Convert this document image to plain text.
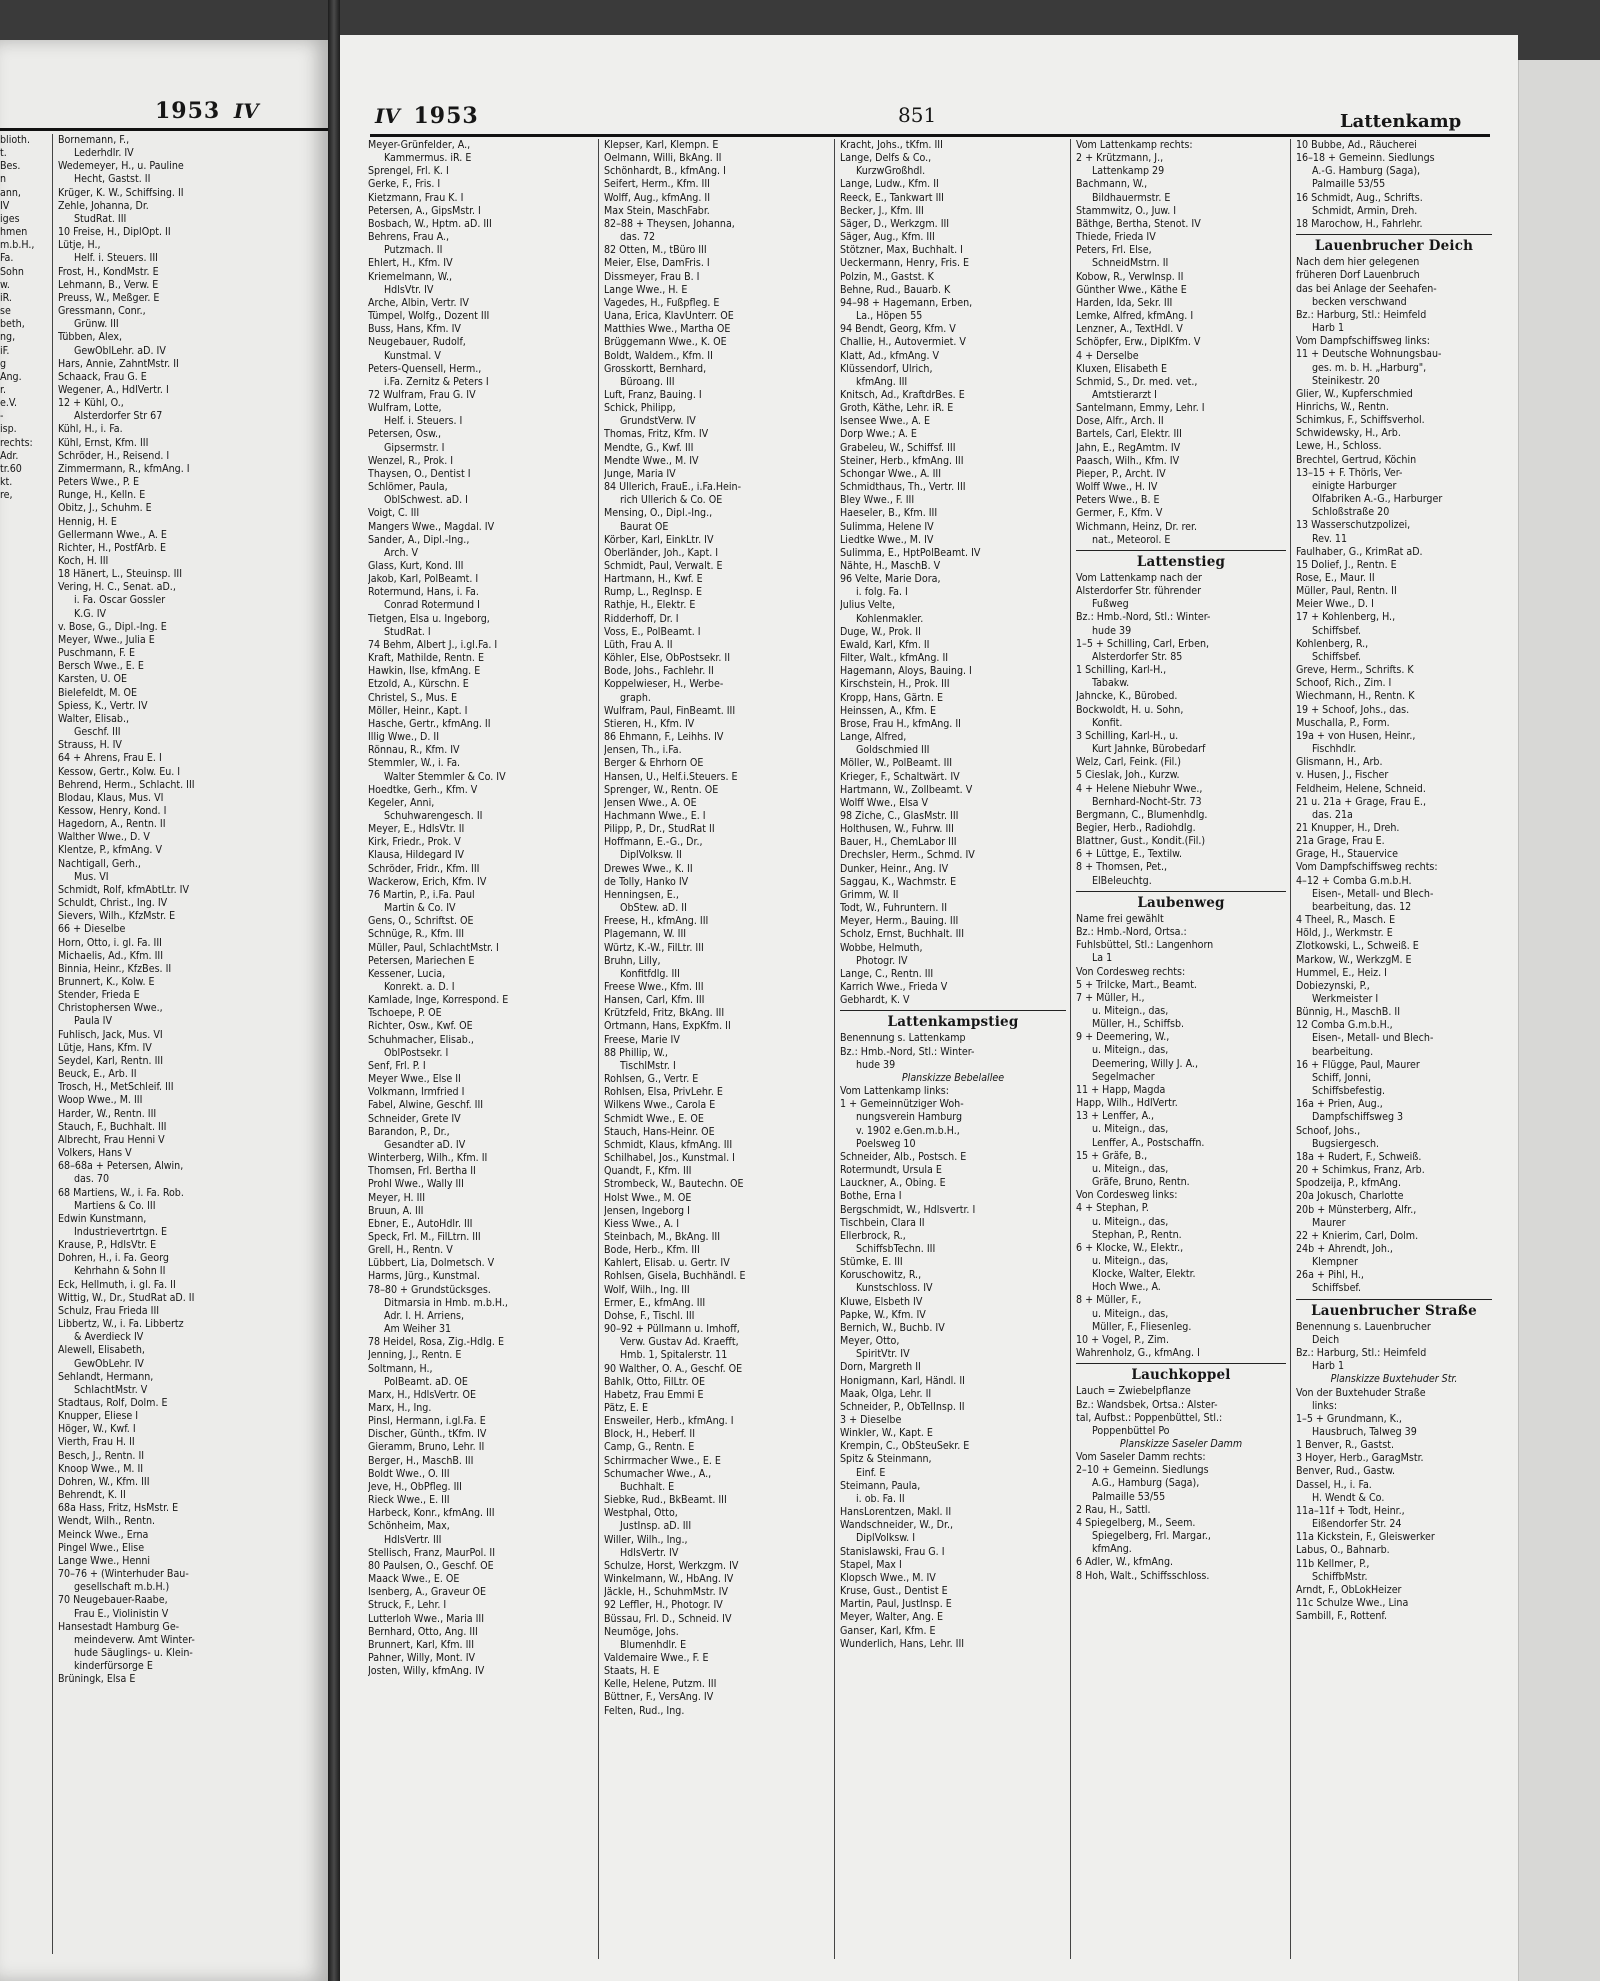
1953 IV
blioth.
t.
Bes.
n
ann,
IV
iges
hmen
m.b.H.,
Fa.
Sohn
w.
iR.
se
beth,
ng,
iF.
g
Ang.
r.
e.V.
-
isp.
rechts:
Adr.
tr.60
kt.
re,
Bornemann, F.,
Lederhdlr. IV
Wedemeyer, H., u. Pauline
Hecht, Gastst. II
Krüger, K. W., Schiffsing. II
Zehle, Johanna, Dr.
StudRat. III
10 Freise, H., DiplOpt. II
Lütje, H.,
Helf. i. Steuers. III
Frost, H., KondMstr. E
Lehmann, B., Verw. E
Preuss, W., Meßger. E
Gressmann, Conr.,
Grünw. III
Tübben, Alex,
GewOblLehr. aD. IV
Hars, Annie, ZahntMstr. II
Schaack, Frau G. E
Wegener, A., HdlVertr. I
12 + Kühl, O.,
Alsterdorfer Str 67
Kühl, H., i. Fa.
Kühl, Ernst, Kfm. III
Schröder, H., Reisend. I
Zimmermann, R., kfmAng. I
Peters Wwe., P. E
Runge, H., Kelln. E
Obitz, J., Schuhm. E
Hennig, H. E
Gellermann Wwe., A. E
Richter, H., PostfArb. E
Koch, H. III
18 Hänert, L., Steuinsp. III
Vering, H. C., Senat. aD.,
i. Fa. Oscar Gossler
K.G. IV
v. Bose, G., Dipl.-Ing. E
Meyer, Wwe., Julia E
Puschmann, F. E
Bersch Wwe., E. E
Karsten, U. OE
Bielefeldt, M. OE
Spiess, K., Vertr. IV
Walter, Elisab.,
Geschf. III
Strauss, H. IV
64 + Ahrens, Frau E. I
Kessow, Gertr., Kolw. Eu. I
Behrend, Herm., Schlacht. III
Blodau, Klaus, Mus. VI
Kessow, Henry, Kond. I
Hagedorn, A., Rentn. II
Walther Wwe., D. V
Klentze, P., kfmAng. V
Nachtigall, Gerh.,
Mus. VI
Schmidt, Rolf, kfmAbtLtr. IV
Schuldt, Christ., Ing. IV
Sievers, Wilh., KfzMstr. E
66 + Dieselbe
Horn, Otto, i. gl. Fa. III
Michaelis, Ad., Kfm. III
Binnia, Heinr., KfzBes. II
Brunnert, K., Kolw. E
Stender, Frieda E
Christophersen Wwe.,
Paula IV
Fuhlisch, Jack, Mus. VI
Lütje, Hans, Kfm. IV
Seydel, Karl, Rentn. III
Beuck, E., Arb. II
Trosch, H., MetSchleif. III
Woop Wwe., M. III
Harder, W., Rentn. III
Stauch, F., Buchhalt. III
Albrecht, Frau Henni V
Volkers, Hans V
68–68a + Petersen, Alwin,
das. 70
68 Martiens, W., i. Fa. Rob.
Martiens & Co. III
Edwin Kunstmann,
Industrievertrtgn. E
Krause, P., HdlsVtr. E
Dohren, H., i. Fa. Georg
Kehrhahn & Sohn II
Eck, Hellmuth, i. gl. Fa. II
Wittig, W., Dr., StudRat aD. II
Schulz, Frau Frieda III
Libbertz, W., i. Fa. Libbertz
& Averdieck IV
Alewell, Elisabeth,
GewObLehr. IV
Sehlandt, Hermann,
SchlachtMstr. V
Stadtaus, Rolf, Dolm. E
Knupper, Eliese I
Höger, W., Kwf. I
Vierth, Frau H. II
Besch, J., Rentn. II
Knoop Wwe., M. II
Dohren, W., Kfm. III
Behrendt, K. II
68a Hass, Fritz, HsMstr. E
Wendt, Wilh., Rentn.
Meinck Wwe., Erna
Pingel Wwe., Elise
Lange Wwe., Henni
70–76 + (Winterhuder Bau-
gesellschaft m.b.H.)
70 Neugebauer-Raabe,
Frau E., Violinistin V
Hansestadt Hamburg Ge-
meindeverw. Amt Winter-
hude Säuglings- u. Klein-
kinderfürsorge E
Brüningk, Elsa E
IV 1953	851	Lattenkamp
Meyer-Grünfelder, A.,
Kammermus. iR. E
Sprengel, Frl. K. I
Gerke, F., Fris. I
Kietzmann, Frau K. I
Petersen, A., GipsMstr. I
Bosbach, W., Hptm. aD. III
Behrens, Frau A.,
Putzmach. II
Ehlert, H., Kfm. IV
Kriemelmann, W.,
HdlsVtr. IV
Arche, Albin, Vertr. IV
Tümpel, Wolfg., Dozent III
Buss, Hans, Kfm. IV
Neugebauer, Rudolf,
Kunstmal. V
Peters-Quensell, Herm.,
i.Fa. Zernitz & Peters I
72 Wulfram, Frau G. IV
Wulfram, Lotte,
Helf. i. Steuers. I
Petersen, Osw.,
Gipsermstr. I
Wenzel, R., Prok. I
Thaysen, O., Dentist I
Schlömer, Paula,
OblSchwest. aD. I
Voigt, C. III
Mangers Wwe., Magdal. IV
Sander, A., Dipl.-Ing.,
Arch. V
Glass, Kurt, Kond. III
Jakob, Karl, PolBeamt. I
Rotermund, Hans, i. Fa.
Conrad Rotermund I
Tietgen, Elsa u. Ingeborg,
StudRat. I
74 Behm, Albert J., i.gl.Fa. I
Kraft, Mathilde, Rentn. E
Hawkin, Ilse, kfmAng. E
Etzold, A., Kürschn. E
Christel, S., Mus. E
Möller, Heinr., Kapt. I
Hasche, Gertr., kfmAng. II
Illig Wwe., D. II
Rönnau, R., Kfm. IV
Stemmler, W., i. Fa.
Walter Stemmler & Co. IV
Hoedtke, Gerh., Kfm. V
Kegeler, Anni,
Schuhwarengesch. II
Meyer, E., HdlsVtr. II
Kirk, Friedr., Prok. V
Klausa, Hildegard IV
Schröder, Fridr., Kfm. III
Wackerow, Erich, Kfm. IV
76 Martin, P., i.Fa. Paul
Martin & Co. IV
Gens, O., Schriftst. OE
Schnüge, R., Kfm. III
Müller, Paul, SchlachtMstr. I
Petersen, Mariechen E
Kessener, Lucia,
Konrekt. a. D. I
Kamlade, Inge, Korrespond. E
Tschoepe, P. OE
Richter, Osw., Kwf. OE
Schuhmacher, Elisab.,
OblPostsekr. I
Senf, Frl. P. I
Meyer Wwe., Else II
Volkmann, Irmfried I
Fabel, Alwine, Geschf. III
Schneider, Grete IV
Barandon, P., Dr.,
Gesandter aD. IV
Winterberg, Wilh., Kfm. II
Thomsen, Frl. Bertha II
Prohl Wwe., Wally III
Meyer, H. III
Bruun, A. III
Ebner, E., AutoHdlr. III
Speck, Frl. M., FilLtrn. III
Grell, H., Rentn. V
Lübbert, Lia, Dolmetsch. V
Harms, Jürg., Kunstmal.
78–80 + Grundstücksges.
Ditmarsia in Hmb. m.b.H.,
Adr. I. H. Arriens,
Am Weiher 31
78 Heidel, Rosa, Zig.-Hdlg. E
Jenning, J., Rentn. E
Soltmann, H.,
PolBeamt. aD. OE
Marx, H., HdlsVertr. OE
Marx, H., Ing.
Pinsl, Hermann, i.gl.Fa. E
Discher, Günth., tKfm. IV
Gieramm, Bruno, Lehr. II
Berger, H., MaschB. III
Boldt Wwe., O. III
Jeve, H., ObPfleg. III
Rieck Wwe., E. III
Harbeck, Konr., kfmAng. III
Schönheim, Max,
HdlsVertr. III
Stellisch, Franz, MaurPol. II
80 Paulsen, O., Geschf. OE
Maack Wwe., E. OE
Isenberg, A., Graveur OE
Struck, F., Lehr. I
Lutterloh Wwe., Maria III
Bernhard, Otto, Ang. III
Brunnert, Karl, Kfm. III
Pahner, Willy, Mont. IV
Josten, Willy, kfmAng. IV
Klepser, Karl, Klempn. E
Oelmann, Willi, BkAng. II
Schönhardt, B., kfmAng. I
Seifert, Herm., Kfm. III
Wolff, Aug., kfmAng. II
Max Stein, MaschFabr.
82–88 + Theysen, Johanna,
das. 72
82 Otten, M., tBüro III
Meier, Else, DamFris. I
Dissmeyer, Frau B. I
Lange Wwe., H. E
Vagedes, H., Fußpfleg. E
Uana, Erica, KlavUnterr. OE
Matthies Wwe., Martha OE
Brüggemann Wwe., K. OE
Boldt, Waldem., Kfm. II
Grosskortt, Bernhard,
Büroang. III
Luft, Franz, Bauing. I
Schick, Philipp,
GrundstVerw. IV
Thomas, Fritz, Kfm. IV
Mendte, G., Kwf. III
Mendte Wwe., M. IV
Junge, Maria IV
84 Ullerich, FrauE., i.Fa.Hein-
rich Ullerich & Co. OE
Mensing, O., Dipl.-Ing.,
Baurat OE
Körber, Karl, EinkLtr. IV
Oberländer, Joh., Kapt. I
Schmidt, Paul, Verwalt. E
Hartmann, H., Kwf. E
Rump, L., RegInsp. E
Rathje, H., Elektr. E
Ridderhoff, Dr. I
Voss, E., PolBeamt. I
Lüth, Frau A. II
Köhler, Else, ObPostsekr. II
Bode, Johs., Fachlehr. II
Koppelwieser, H., Werbe-
graph.
Wulfram, Paul, FinBeamt. III
Stieren, H., Kfm. IV
86 Ehmann, F., Leihhs. IV
Jensen, Th., i.Fa.
Berger & Ehrhorn OE
Hansen, U., Helf.i.Steuers. E
Sprenger, W., Rentn. OE
Jensen Wwe., A. OE
Hachmann Wwe., E. I
Pilipp, P., Dr., StudRat II
Hoffmann, E.-G., Dr.,
DiplVolksw. II
Drewes Wwe., K. II
de Tolly, Hanko IV
Henningsen, E.,
ObStew. aD. II
Freese, H., kfmAng. III
Plagemann, W. III
Würtz, K.-W., FilLtr. III
Bruhn, Lilly,
Konfitfdlg. III
Freese Wwe., Kfm. III
Hansen, Carl, Kfm. III
Krützfeld, Fritz, BkAng. III
Ortmann, Hans, ExpKfm. II
Freese, Marie IV
88 Phillip, W.,
TischlMstr. I
Rohlsen, G., Vertr. E
Rohlsen, Elsa, PrivLehr. E
Wilkens Wwe., Carola E
Schmidt Wwe., E. OE
Stauch, Hans-Heinr. OE
Schmidt, Klaus, kfmAng. III
Schilhabel, Jos., Kunstmal. I
Quandt, F., Kfm. III
Strombeck, W., Bautechn. OE
Holst Wwe., M. OE
Jensen, Ingeborg I
Kiess Wwe., A. I
Steinbach, M., BkAng. III
Bode, Herb., Kfm. III
Kahlert, Elisab. u. Gertr. IV
Rohlsen, Gisela, Buchhändl. E
Wolf, Wilh., Ing. III
Ermer, E., kfmAng. III
Dohse, F., Tischl. III
90–92 + Püllmann u. Imhoff,
Verw. Gustav Ad. Kraefft,
Hmb. 1, Spitalerstr. 11
90 Walther, O. A., Geschf. OE
Bahlk, Otto, FilLtr. OE
Habetz, Frau Emmi E
Pätz, E. E
Ensweiler, Herb., kfmAng. I
Block, H., Heberf. II
Camp, G., Rentn. E
Schirrmacher Wwe., E. E
Schumacher Wwe., A.,
Buchhalt. E
Siebke, Rud., BkBeamt. III
Westphal, Otto,
JustInsp. aD. III
Willer, Wilh., Ing.,
HdlsVertr. IV
Schulze, Horst, Werkzgm. IV
Winkelmann, W., HbAng. IV
Jäckle, H., SchuhmMstr. IV
92 Leffler, H., Photogr. IV
Büssau, Frl. D., Schneid. IV
Neumöge, Johs.
Blumenhdlr. E
Valdemaire Wwe., F. E
Staats, H. E
Kelle, Helene, Putzm. III
Büttner, F., VersAng. IV
Felten, Rud., Ing.
Kracht, Johs., tKfm. III
Lange, Delfs & Co.,
KurzwGroßhdl.
Lange, Ludw., Kfm. II
Reeck, E., Tankwart III
Becker, J., Kfm. III
Säger, D., Werkzgm. III
Säger, Aug., Kfm. III
Stötzner, Max, Buchhalt. I
Ueckermann, Henry, Fris. E
Polzin, M., Gastst. K
Behne, Rud., Bauarb. K
94–98 + Hagemann, Erben,
La., Höpen 55
94 Bendt, Georg, Kfm. V
Challie, H., Autovermiet. V
Klatt, Ad., kfmAng. V
Klüssendorf, Ulrich,
kfmAng. III
Knitsch, Ad., KraftdrBes. E
Groth, Käthe, Lehr. iR. E
Isensee Wwe., A. E
Dorp Wwe.; A. E
Grabeleu, W., Schiffsf. III
Steiner, Herb., kfmAng. III
Schongar Wwe., A. III
Schmidthaus, Th., Vertr. III
Bley Wwe., F. III
Haeseler, B., Kfm. III
Sulimma, Helene IV
Liedtke Wwe., M. IV
Sulimma, E., HptPolBeamt. IV
Nähte, H., MaschB. V
96 Velte, Marie Dora,
i. folg. Fa. I
Julius Velte,
Kohlenmakler.
Duge, W., Prok. II
Ewald, Karl, Kfm. II
Filter, Walt., kfmAng. II
Hagemann, Aloys, Bauing. I
Kirschstein, H., Prok. III
Kropp, Hans, Gärtn. E
Heinssen, A., Kfm. E
Brose, Frau H., kfmAng. II
Lange, Alfred,
Goldschmied III
Möller, W., PolBeamt. III
Krieger, F., Schaltwärt. IV
Hartmann, W., Zollbeamt. V
Wolff Wwe., Elsa V
98 Ziche, C., GlasMstr. III
Holthusen, W., Fuhrw. III
Bauer, H., ChemLabor III
Drechsler, Herm., Schmd. IV
Dunker, Heinr., Ang. IV
Saggau, K., Wachmstr. E
Grimm, W. II
Todt, W., Fuhruntern. II
Meyer, Herm., Bauing. III
Scholz, Ernst, Buchhalt. III
Wobbe, Helmuth,
Photogr. IV
Lange, C., Rentn. III
Karrich Wwe., Frieda V
Gebhardt, K. V
Lattenkampstieg
Benennung s. Lattenkamp
Bz.: Hmb.-Nord, Stl.: Winter-
hude 39
Planskizze Bebelallee
Vom Lattenkamp links:
1 + Gemeinnütziger Woh-
nungsverein Hamburg
v. 1902 e.Gen.m.b.H.,
Poelsweg 10
Schneider, Alb., Postsch. E
Rotermundt, Ursula E
Lauckner, A., Obing. E
Bothe, Erna I
Bergschmidt, W., Hdlsvertr. I
Tischbein, Clara II
Ellerbrock, R.,
SchiffsbTechn. III
Stümke, E. III
Koruschowitz, R.,
Kunstschloss. IV
Kluwe, Elsbeth IV
Papke, W., Kfm. IV
Bernich, W., Buchb. IV
Meyer, Otto,
SpiritVtr. IV
Dorn, Margreth II
Honigmann, Karl, Händl. II
Maak, Olga, Lehr. II
Schneider, P., ObTelInsp. II
3 + Dieselbe
Winkler, W., Kapt. E
Krempin, C., ObSteuSekr. E
Spitz & Steinmann,
Einf. E
Steimann, Paula,
i. ob. Fa. II
HansLorentzen, Makl. II
Wandschneider, W., Dr.,
DiplVolksw. I
Stanislawski, Frau G. I
Stapel, Max I
Klopsch Wwe., M. IV
Kruse, Gust., Dentist E
Martin, Paul, JustInsp. E
Meyer, Walter, Ang. E
Ganser, Karl, Kfm. E
Wunderlich, Hans, Lehr. III
Vom Lattenkamp rechts:
2 + Krützmann, J.,
Lattenkamp 29
Bachmann, W.,
Bildhauermstr. E
Stammwitz, O., Juw. I
Bäthge, Bertha, Stenot. IV
Thiede, Frieda IV
Peters, Frl. Else,
SchneidMstrn. II
Kobow, R., VerwInsp. II
Günther Wwe., Käthe E
Harden, Ida, Sekr. III
Lemke, Alfred, kfmAng. I
Lenzner, A., TextHdl. V
Schöpfer, Erw., DiplKfm. V
4 + Derselbe
Kluxen, Elisabeth E
Schmid, S., Dr. med. vet.,
Amtstierarzt I
Santelmann, Emmy, Lehr. I
Dose, Alfr., Arch. II
Bartels, Carl, Elektr. III
Jahn, E., RegAmtm. IV
Paasch, Wilh., Kfm. IV
Pieper, P., Archt. IV
Wolff Wwe., H. IV
Peters Wwe., B. E
Germer, F., Kfm. V
Wichmann, Heinz, Dr. rer.
nat., Meteorol. E
Lattenstieg
Vom Lattenkamp nach der
Alsterdorfer Str. führender
Fußweg
Bz.: Hmb.-Nord, Stl.: Winter-
hude 39
1–5 + Schilling, Carl, Erben,
Alsterdorfer Str. 85
1 Schilling, Karl-H.,
Tabakw.
Jahncke, K., Bürobed.
Bockwoldt, H. u. Sohn,
Konfit.
3 Schilling, Karl-H., u.
Kurt Jahnke, Bürobedarf
Welz, Carl, Feink. (Fil.)
5 Cieslak, Joh., Kurzw.
4 + Helene Niebuhr Wwe.,
Bernhard-Nocht-Str. 73
Bergmann, C., Blumenhdlg.
Begier, Herb., Radiohdlg.
Blattner, Gust., Kondit.(Fil.)
6 + Lüttge, E., Textilw.
8 + Thomsen, Pet.,
ElBeleuchtg.
Laubenweg
Name frei gewählt
Bz.: Hmb.-Nord, Ortsa.:
Fuhlsbüttel, Stl.: Langenhorn
La 1
Von Cordesweg rechts:
5 + Trilcke, Mart., Beamt.
7 + Müller, H.,
u. Miteign., das,
Müller, H., Schiffsb.
9 + Deemering, W.,
u. Miteign., das,
Deemering, Willy J. A.,
Segelmacher
11 + Happ, Magda
Happ, Wilh., HdlVertr.
13 + Lenffer, A.,
u. Miteign., das,
Lenffer, A., Postschaffn.
15 + Gräfe, B.,
u. Miteign., das,
Gräfe, Bruno, Rentn.
Von Cordesweg links:
4 + Stephan, P.
u. Miteign., das,
Stephan, P., Rentn.
6 + Klocke, W., Elektr.,
u. Miteign., das,
Klocke, Walter, Elektr.
Hoch Wwe., A.
8 + Müller, F.,
u. Miteign., das,
Müller, F., Fliesenleg.
10 + Vogel, P., Zim.
Wahrenholz, G., kfmAng. I
Lauchkoppel
Lauch = Zwiebelpflanze
Bz.: Wandsbek, Ortsa.: Alster-
tal, Aufbst.: Poppenbüttel, Stl.:
Poppenbüttel Po
Planskizze Saseler Damm
Vom Saseler Damm rechts:
2–10 + Gemeinn. Siedlungs
A.G., Hamburg (Saga),
Palmaille 53/55
2 Rau, H., Sattl.
4 Spiegelberg, M., Seem.
Spiegelberg, Frl. Margar.,
kfmAng.
6 Adler, W., kfmAng.
8 Hoh, Walt., Schiffsschloss.
10 Bubbe, Ad., Räucherei
16–18 + Gemeinn. Siedlungs
A.-G. Hamburg (Saga),
Palmaille 53/55
16 Schmidt, Aug., Schrifts.
Schmidt, Armin, Dreh.
18 Marochow, H., Fahrlehr.
Lauenbrucher Deich
Nach dem hier gelegenen
früheren Dorf Lauenbruch
das bei Anlage der Seehafen-
becken verschwand
Bz.: Harburg, Stl.: Heimfeld
Harb 1
Vom Dampfschiffsweg links:
11 + Deutsche Wohnungsbau-
ges. m. b. H. „Harburg",
Steinikestr. 20
Glier, W., Kupferschmied
Hinrichs, W., Rentn.
Schimkus, F., Schiffsverhol.
Schwidewsky, H., Arb.
Lewe, H., Schloss.
Brechtel, Gertrud, Köchin
13–15 + F. Thörls, Ver-
einigte Harburger
Ölfabriken A.-G., Harburger
Schloßstraße 20
13 Wasserschutzpolizei,
Rev. 11
Faulhaber, G., KrimRat aD.
15 Dolief, J., Rentn. E
Rose, E., Maur. II
Müller, Paul, Rentn. II
Meier Wwe., D. I
17 + Kohlenberg, H.,
Schiffsbef.
Kohlenberg, R.,
Schiffsbef.
Greve, Herm., Schrifts. K
Schoof, Rich., Zim. I
Wiechmann, H., Rentn. K
19 + Schoof, Johs., das.
Muschalla, P., Form.
19a + von Husen, Heinr.,
Fischhdlr.
Glismann, H., Arb.
v. Husen, J., Fischer
Feldheim, Helene, Schneid.
21 u. 21a + Grage, Frau E.,
das. 21a
21 Knupper, H., Dreh.
21a Grage, Frau E.
Grage, H., Stauervice
Vom Dampfschiffsweg rechts:
4–12 + Comba G.m.b.H.
Eisen-, Metall- und Blech-
bearbeitung, das. 12
4 Theel, R., Masch. E
Höld, J., Werkmstr. E
Zlotkowski, L., Schweiß. E
Markow, W., WerkzgM. E
Hummel, E., Heiz. I
Dobiezynski, P.,
Werkmeister I
Bünnig, H., MaschB. II
12 Comba G.m.b.H.,
Eisen-, Metall- und Blech-
bearbeitung.
16 + Flügge, Paul, Maurer
Schiff, Jonni,
Schiffsbefestig.
16a + Prien, Aug.,
Dampfschiffsweg 3
Schoof, Johs.,
Bugsiergesch.
18a + Rudert, F., Schweiß.
20 + Schimkus, Franz, Arb.
Spodzeija, P., kfmAng.
20a Jokusch, Charlotte
20b + Münsterberg, Alfr.,
Maurer
22 + Knierim, Carl, Dolm.
24b + Ahrendt, Joh.,
Klempner
26a + Pihl, H.,
Schiffsbef.
Lauenbrucher Straße
Benennung s. Lauenbrucher
Deich
Bz.: Harburg, Stl.: Heimfeld
Harb 1
Planskizze Buxtehuder Str.
Von der Buxtehuder Straße
links:
1–5 + Grundmann, K.,
Hausbruch, Talweg 39
1 Benver, R., Gastst.
3 Hoyer, Herb., GaragMstr.
Benver, Rud., Gastw.
Dassel, H., i. Fa.
H. Wendt & Co.
11a–11f + Todt, Heinr.,
Eißendorfer Str. 24
11a Kickstein, F., Gleiswerker
Labus, O., Bahnarb.
11b Kellmer, P.,
SchiffbMstr.
Arndt, F., ObLokHeizer
11c Schulze Wwe., Lina
Sambill, F., Rottenf.
